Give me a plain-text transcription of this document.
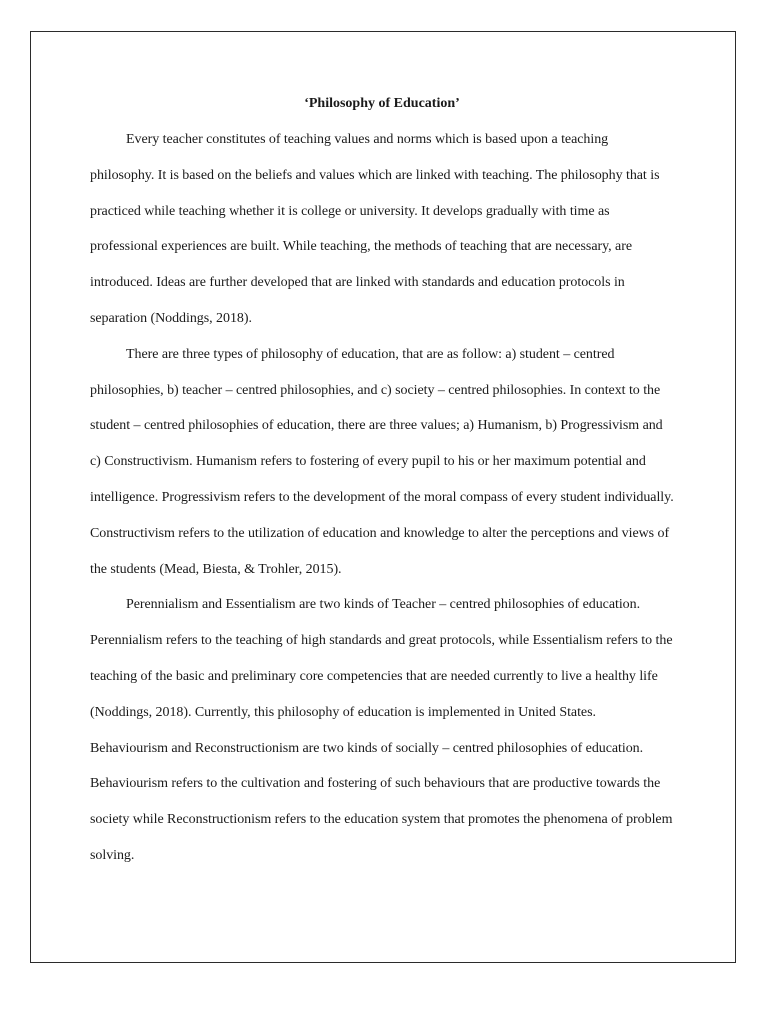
‘Philosophy of Education’

Every teacher constitutes of teaching values and norms which is based upon a teaching philosophy. It is based on the beliefs and values which are linked with teaching. The philosophy that is practiced while teaching whether it is college or university. It develops gradually with time as professional experiences are built. While teaching, the methods of teaching that are necessary, are introduced. Ideas are further developed that are linked with standards and education protocols in separation (Noddings, 2018).

There are three types of philosophy of education, that are as follow: a) student – centred philosophies, b) teacher – centred philosophies, and c) society – centred philosophies. In context to the student – centred philosophies of education, there are three values; a) Humanism, b) Progressivism and c) Constructivism. Humanism refers to fostering of every pupil to his or her maximum potential and intelligence. Progressivism refers to the development of the moral compass of every student individually. Constructivism refers to the utilization of education and knowledge to alter the perceptions and views of the students (Mead, Biesta, & Trohler, 2015).

Perennialism and Essentialism are two kinds of Teacher – centred philosophies of education. Perennialism refers to the teaching of high standards and great protocols, while Essentialism refers to the teaching of the basic and preliminary core competencies that are needed currently to live a healthy life (Noddings, 2018). Currently, this philosophy of education is implemented in United States. Behaviourism and Reconstructionism are two kinds of socially – centred philosophies of education. Behaviourism refers to the cultivation and fostering of such behaviours that are productive towards the society while Reconstructionism refers to the education system that promotes the phenomena of problem solving.
